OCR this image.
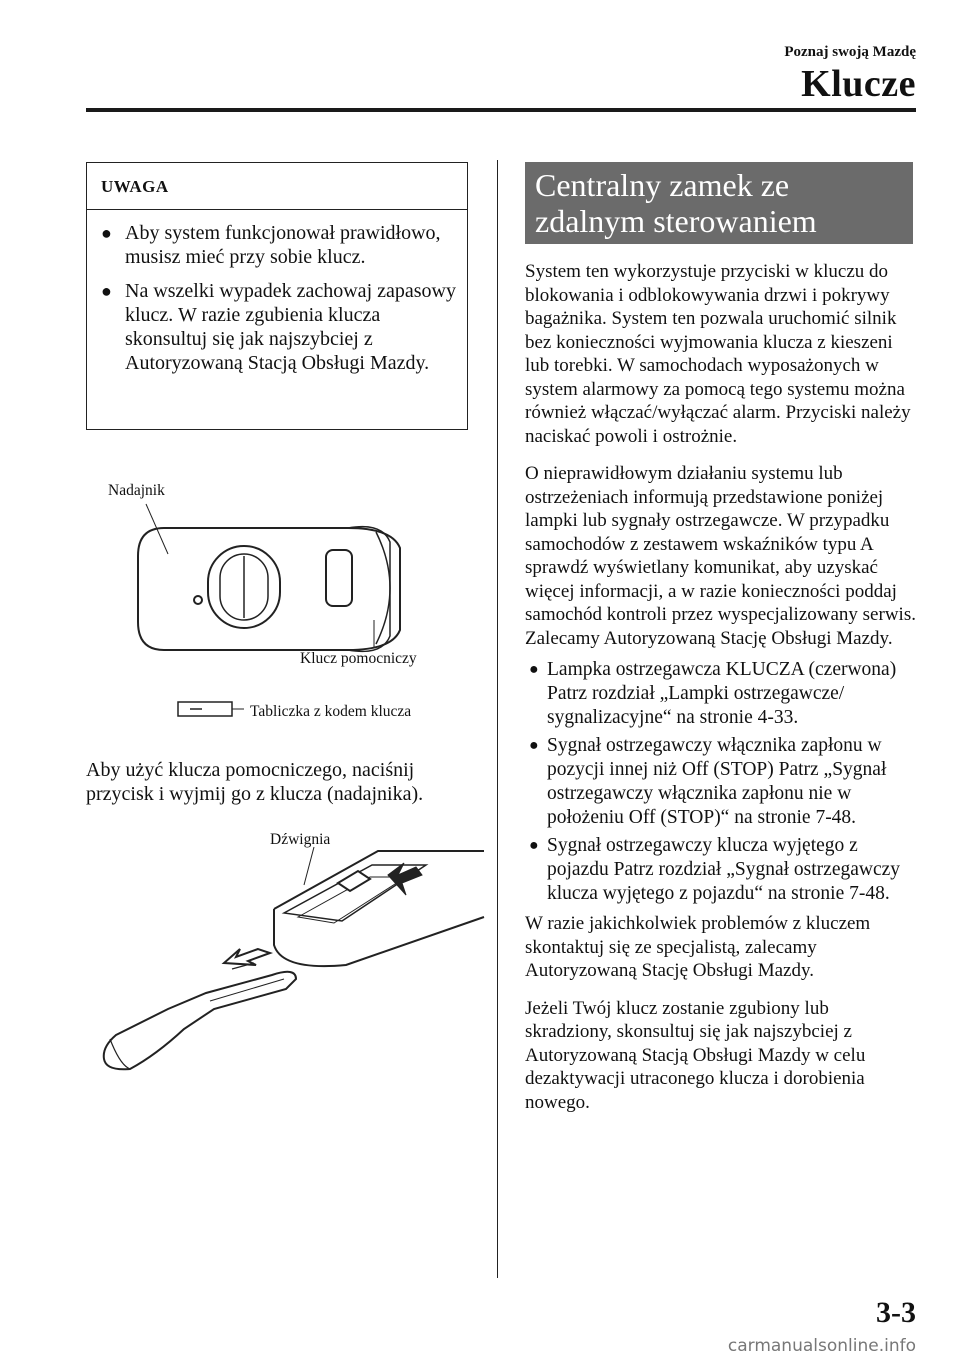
Poznaj swoją Mazdę
Klucze
UWAGA
● Aby system funkcjonował prawidłowo, musisz mieć przy sobie klucz.
● Na wszelki wypadek zachowaj zapasowy klucz. W razie zgubienia klucza skonsultuj się jak najszybciej z Autoryzowaną Stacją Obsługi Mazdy.
Nadajnik
Klucz pomocniczy
Tabliczka z kodem klucza
Aby użyć klucza pomocniczego, naciśnij przycisk i wyjmij go z klucza (nadajnika).
Dźwignia
Centralny zamek ze
zdalnym sterowaniem
System ten wykorzystuje przyciski w kluczu do blokowania i odblokowywania drzwi i pokrywy bagażnika. System ten pozwala uruchomić silnik bez konieczności wyjmowania klucza z kieszeni lub torebki. W samochodach wyposażonych w system alarmowy za pomocą tego systemu można również włączać/wyłączać alarm. Przyciski należy naciskać powoli i ostrożnie.
O nieprawidłowym działaniu systemu lub ostrzeżeniach informują przedstawione poniżej lampki lub sygnały ostrzegawcze. W przypadku samochodów z zestawem wskaźników typu A sprawdź wyświetlany komunikat, aby uzyskać więcej informacji, a w razie konieczności poddaj samochód kontroli przez wyspecjalizowany serwis. Zalecamy Autoryzowaną Stację Obsługi Mazdy.
● Lampka ostrzegawcza KLUCZA (czerwona) Patrz rozdział „Lampki ostrzegawcze/ sygnalizacyjne“ na stronie 4-33.
● Sygnał ostrzegawczy włącznika zapłonu w pozycji innej niż Off (STOP) Patrz „Sygnał ostrzegawczy włącznika zapłonu nie w położeniu Off (STOP)“ na stronie 7-48.
● Sygnał ostrzegawczy klucza wyjętego z pojazdu Patrz rozdział „Sygnał ostrzegawczy klucza wyjętego z pojazdu“ na stronie 7-48.
W razie jakichkolwiek problemów z kluczem skontaktuj się ze specjalistą, zalecamy Autoryzowaną Stację Obsługi Mazdy.
Jeżeli Twój klucz zostanie zgubiony lub skradziony, skonsultuj się jak najszybciej z Autoryzowaną Stacją Obsługi Mazdy w celu dezaktywacji utraconego klucza i dorobienia nowego.
3-3
carmanualsonline.info
